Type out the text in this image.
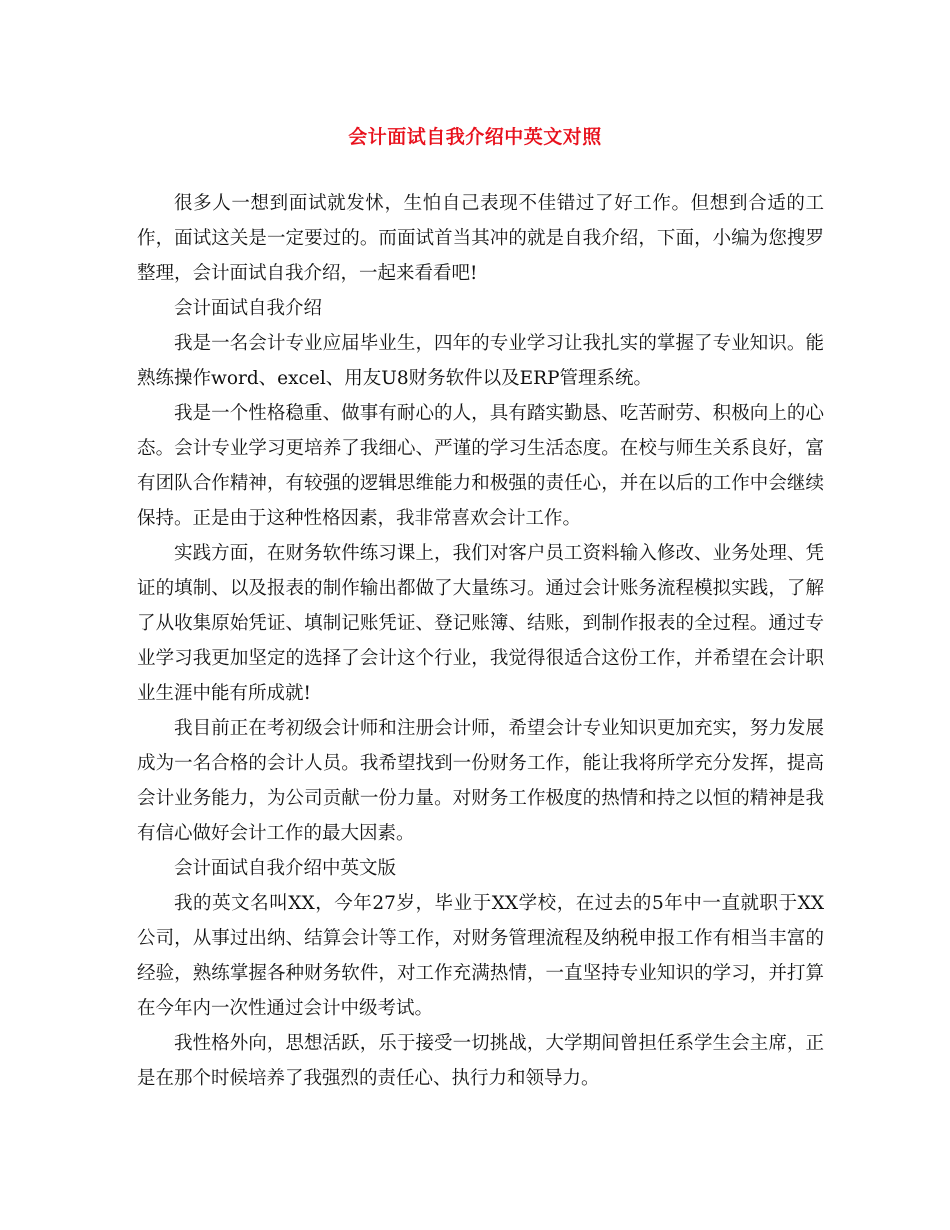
会计面试自我介绍中英文对照

很多人一想到面试就发怵，生怕自己表现不佳错过了好工作。但想到合适的工作，面试这关是一定要过的。而面试首当其冲的就是自我介绍，下面，小编为您搜罗整理，会计面试自我介绍，一起来看看吧!

会计面试自我介绍

我是一名会计专业应届毕业生，四年的专业学习让我扎实的掌握了专业知识。能熟练操作word、excel、用友U8财务软件以及ERP管理系统。

我是一个性格稳重、做事有耐心的人，具有踏实勤恳、吃苦耐劳、积极向上的心态。会计专业学习更培养了我细心、严谨的学习生活态度。在校与师生关系良好，富有团队合作精神，有较强的逻辑思维能力和极强的责任心，并在以后的工作中会继续保持。正是由于这种性格因素，我非常喜欢会计工作。

实践方面，在财务软件练习课上，我们对客户员工资料输入修改、业务处理、凭证的填制、以及报表的制作输出都做了大量练习。通过会计账务流程模拟实践，了解了从收集原始凭证、填制记账凭证、登记账簿、结账，到制作报表的全过程。通过专业学习我更加坚定的选择了会计这个行业，我觉得很适合这份工作，并希望在会计职业生涯中能有所成就!

我目前正在考初级会计师和注册会计师，希望会计专业知识更加充实，努力发展成为一名合格的会计人员。我希望找到一份财务工作，能让我将所学充分发挥，提高会计业务能力，为公司贡献一份力量。对财务工作极度的热情和持之以恒的精神是我有信心做好会计工作的最大因素。

会计面试自我介绍中英文版

我的英文名叫XX，今年27岁，毕业于XX学校，在过去的5年中一直就职于XX公司，从事过出纳、结算会计等工作，对财务管理流程及纳税申报工作有相当丰富的经验，熟练掌握各种财务软件，对工作充满热情，一直坚持专业知识的学习，并打算在今年内一次性通过会计中级考试。

我性格外向，思想活跃，乐于接受一切挑战，大学期间曾担任系学生会主席，正是在那个时候培养了我强烈的责任心、执行力和领导力。
